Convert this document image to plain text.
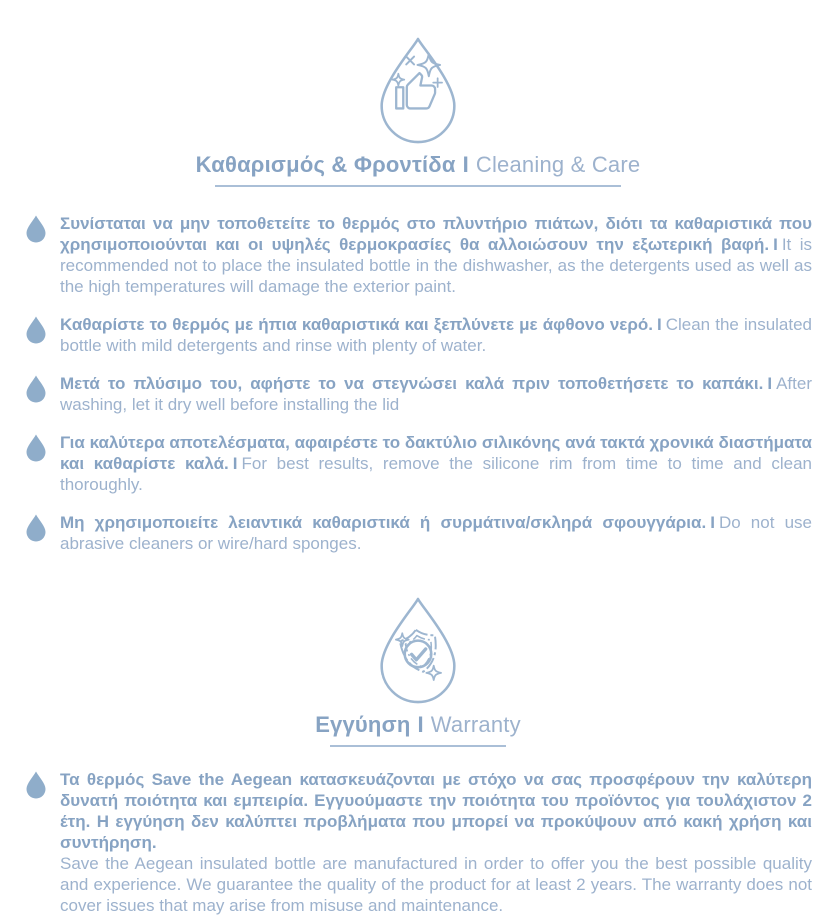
Καθαρισμός & Φροντίδα Ι Cleaning & Care

Συνίσταται να μην τοποθετείτε το θερμός στο πλυντήριο πιάτων, διότι τα καθαριστικά που χρησιμοποιούνται και οι υψηλές θερμοκρασίες θα αλλοιώσουν την εξωτερική βαφή. Ι It is recommended not to place the insulated bottle in the dishwasher, as the detergents used as well as the high temperatures will damage the exterior paint.

Καθαρίστε το θερμός με ήπια καθαριστικά και ξεπλύνετε με άφθονο νερό. Ι Clean the insulated bottle with mild detergents and rinse with plenty of water.

Μετά το πλύσιμο του, αφήστε το να στεγνώσει καλά πριν τοποθετήσετε το καπάκι. Ι After washing, let it dry well before installing the lid

Για καλύτερα αποτελέσματα, αφαιρέστε το δακτύλιο σιλικόνης ανά τακτά χρονικά διαστήματα και καθαρίστε καλά. Ι For best results, remove the silicone rim from time to time and clean thoroughly.

Μη χρησιμοποιείτε λειαντικά καθαριστικά ή συρμάτινα/σκληρά σφουγγάρια. Ι Do not use abrasive cleaners or wire/hard sponges.

Εγγύηση Ι Warranty

Τα θερμός Save the Aegean κατασκευάζονται με στόχο να σας προσφέρουν την καλύτερη δυνατή ποιότητα και εμπειρία. Εγγυούμαστε την ποιότητα του προϊόντος για τουλάχιστον 2 έτη. Η εγγύηση δεν καλύπτει προβλήματα που μπορεί να προκύψουν από κακή χρήση και συντήρηση.
Save the Aegean insulated bottle are manufactured in order to offer you the best possible quality and experience. We guarantee the quality of the product for at least 2 years. The warranty does not cover issues that may arise from misuse and maintenance.
